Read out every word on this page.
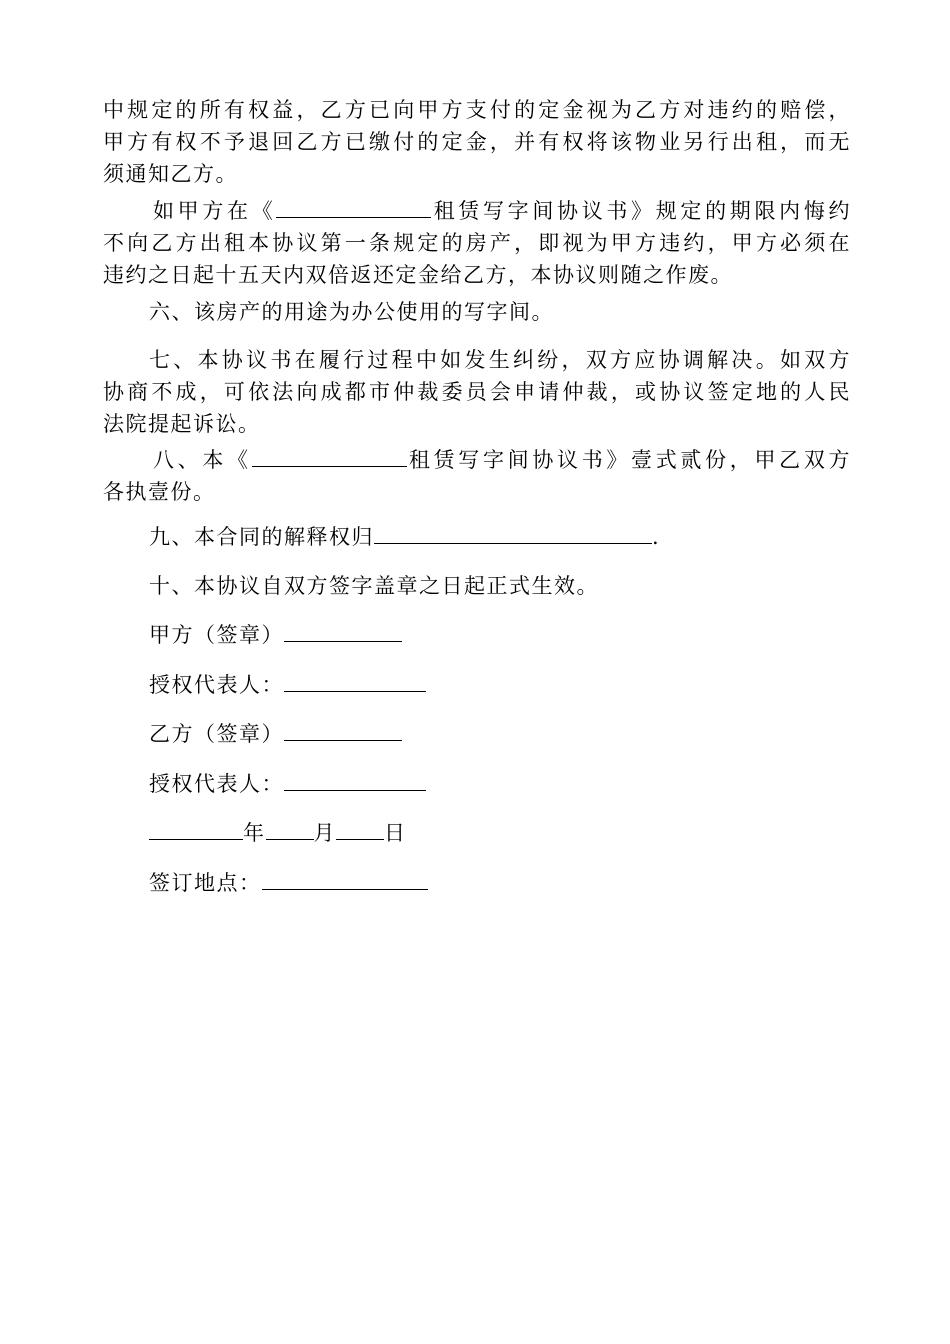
中规定的所有权益，乙方已向甲方支付的定金视为乙方对违约的赔偿，
甲方有权不予退回乙方已缴付的定金，并有权将该物业另行出租，而无
须通知乙方。
如甲方在《	租赁写字间协议书》规定的期限内悔约
不向乙方出租本协议第一条规定的房产，即视为甲方违约，甲方必须在
违约之日起十五天内双倍返还定金给乙方，本协议则随之作废。
六、该房产的用途为办公使用的写字间。
七、本协议书在履行过程中如发生纠纷，双方应协调解决。如双方
协商不成，可依法向成都市仲裁委员会申请仲裁，或协议签定地的人民
法院提起诉讼。
八、本《	租赁写字间协议书》壹式贰份，甲乙双方
各执壹份。
九、本合同的解释权归	.
十、本协议自双方签字盖章之日起正式生效。
甲方（签章）
授权代表人：
乙方（签章）
授权代表人：
年 月 日
签订地点：
